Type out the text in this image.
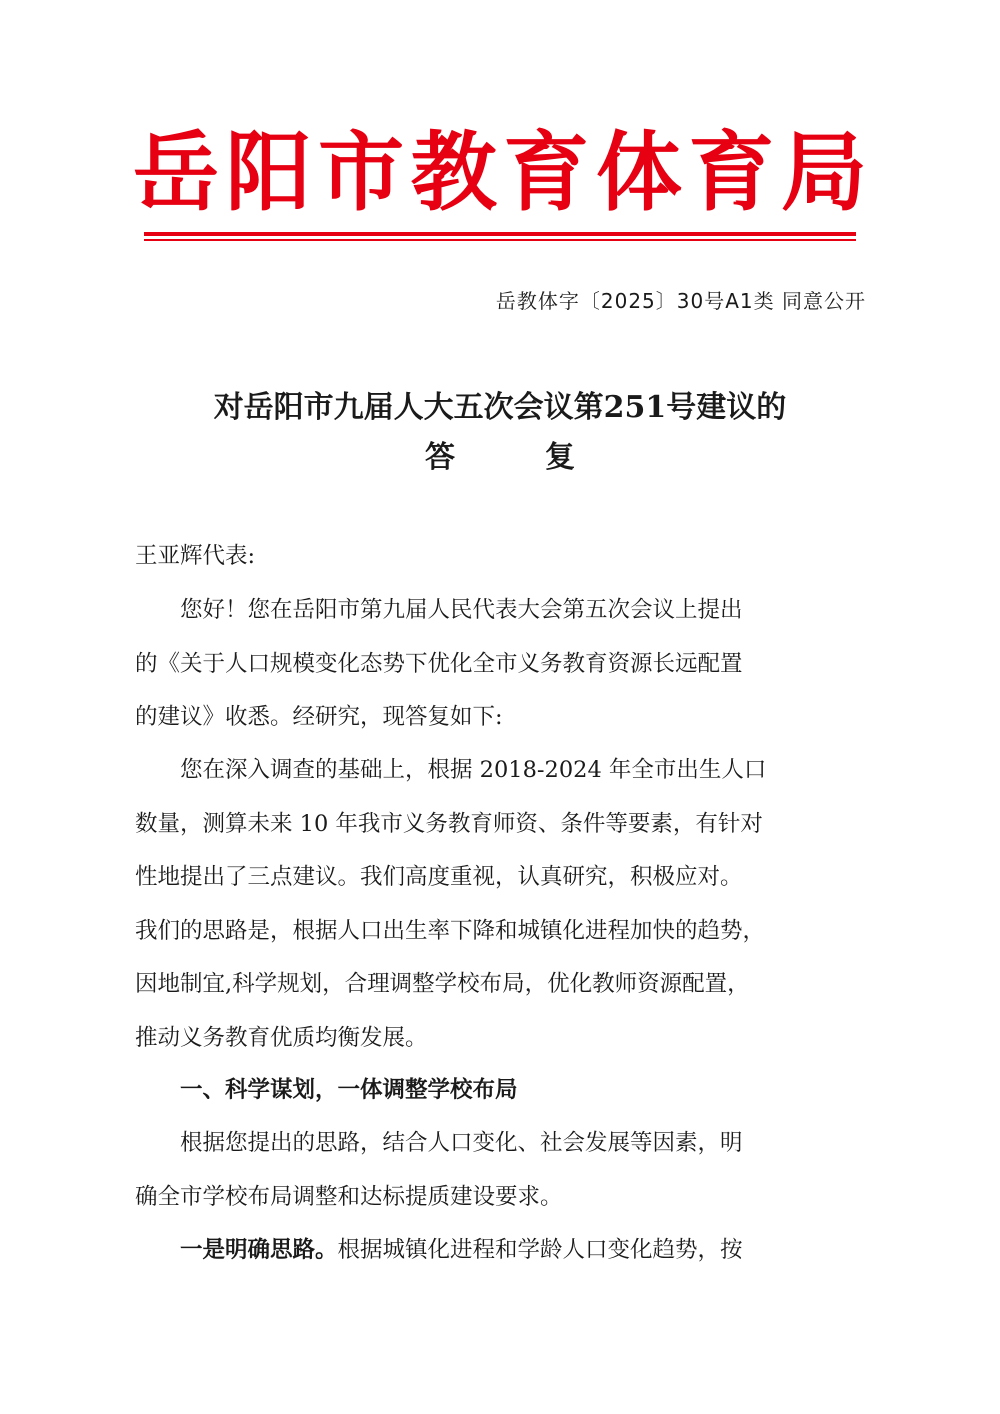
岳 阳 市 教 育 体 育 局
岳教体字〔2025〕30号A1类 同意公开
对岳阳市九届人大五次会议第251号建议的
答　　　复
王亚辉代表:
　　您好！您在岳阳市第九届人民代表大会第五次会议上提出
的《关于人口规模变化态势下优化全市义务教育资源长远配置
的建议》收悉。经研究，现答复如下:
　　您在深入调查的基础上，根据 2018-2024 年全市出生人口
数量，测算未来 10 年我市义务教育师资、条件等要素，有针对
性地提出了三点建议。我们高度重视，认真研究，积极应对。
我们的思路是，根据人口出生率下降和城镇化进程加快的趋势，
因地制宜,科学规划，合理调整学校布局，优化教师资源配置，
推动义务教育优质均衡发展。
　　一、科学谋划，一体调整学校布局
　　根据您提出的思路，结合人口变化、社会发展等因素，明
确全市学校布局调整和达标提质建设要求。
　　一是明确思路。根据城镇化进程和学龄人口变化趋势，按
